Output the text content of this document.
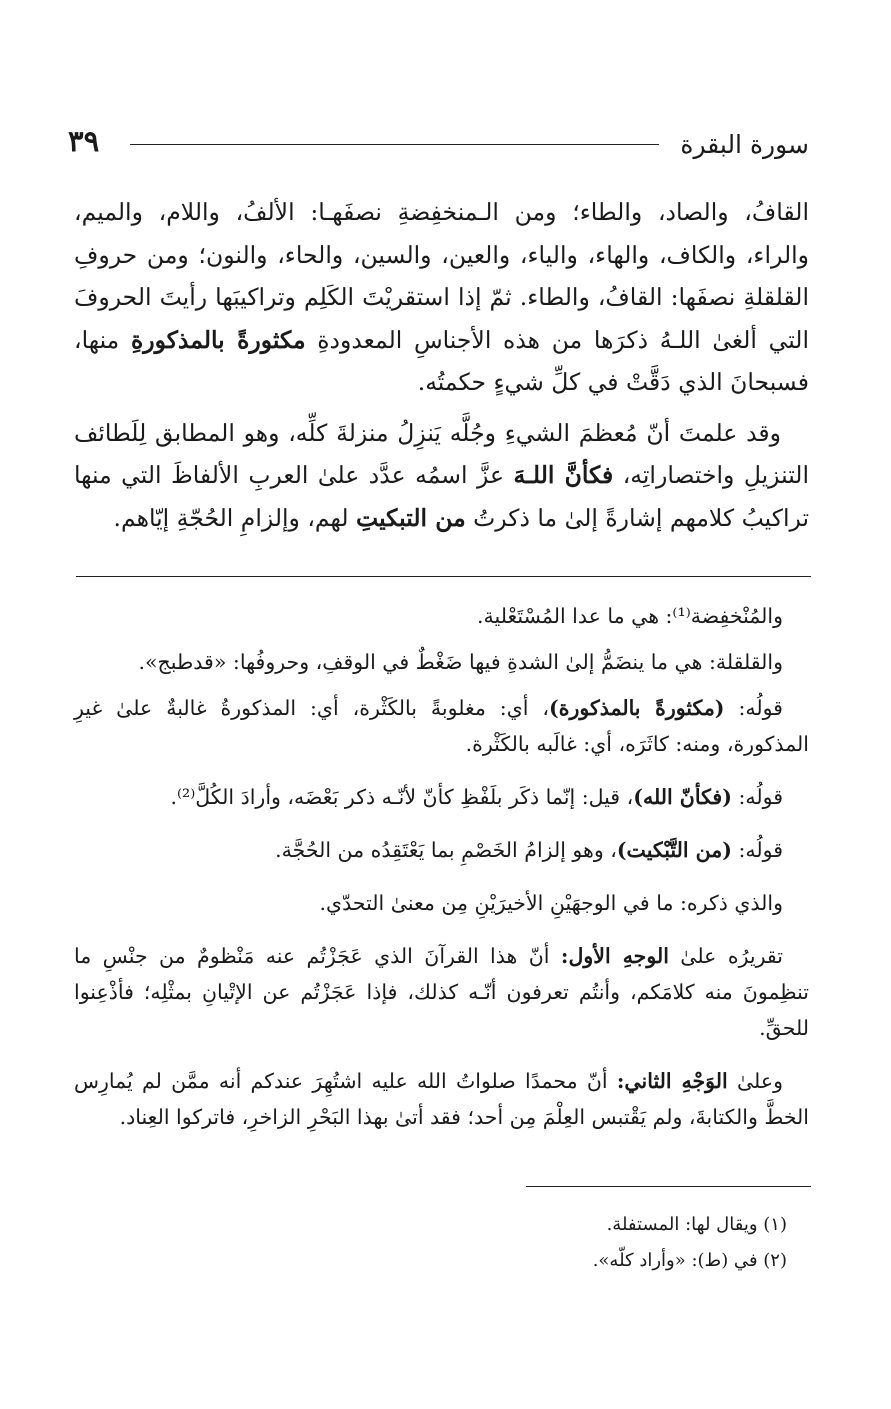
سورة البقرة
٣٩

القافُ، والصاد، والطاء؛ ومن الـمنخفِضةِ نصفَهـا: الألفُ، واللام، والميم، والراء، والكاف، والهاء، والياء، والعين، والسين، والحاء، والنون؛ ومن حروفِ القلقلةِ نصفَها: القافُ، والطاء. ثمّ إذا استقريْتَ الكَلِم وتراكيبَها رأيتَ الحروفَ التي ألغىٰ اللـهُ ذكرَها من هذه الأجناسِ المعدودةِ مكثورةً بالمذكورةِ منها، فسبحانَ الذي دَقَّتْ في كلِّ شيءٍ حكمتُه.

وقد علمتَ أنّ مُعظمَ الشيءِ وجُلَّه يَنزِلُ منزلةَ كلِّه، وهو المطابق لِلَطائف التنزيلِ واختصاراتِه، فكأنَّ اللـهَ عزَّ اسمُه عدَّد علىٰ العربِ الألفاظَ التي منها تراكيبُ كلامهم إشارةً إلىٰ ما ذكرتُ من التبكيتِ لهم، وإلزامِ الحُجّةِ إيّاهم.

والمُنْخفِضة⁽¹⁾: هي ما عدا المُسْتَعْلية.

والقلقلة: هي ما ينضَمُّ إلىٰ الشدةِ فيها ضَغْطٌ في الوقفِ، وحروفُها: «قدطبج».

قولُه: (مكثورةً بالمذكورة)، أي: مغلوبةً بالكَثْرة، أي: المذكورةُ غالبةٌ علىٰ غيرِ المذكورة، ومنه: كاثَرَه، أي: غالَبه بالكَثْرة.

قولُه: (فكأنّ الله)، قيل: إنّما ذكَر بلَفْظِ كأنّ لأنّـه ذكر بَعْضَه، وأرادَ الكُلَّ⁽²⁾.

قولُه: (من التَّبْكيت)، وهو إلزامُ الخَصْمِ بما يَعْتَقِدُه من الحُجَّة.

والذي ذكره: ما في الوجهَيْنِ الأخيرَيْنِ مِن معنىٰ التحدّي.

تقريرُه علىٰ الوجهِ الأول: أنّ هذا القرآنَ الذي عَجَزْتُم عنه مَنْظومٌ من جنْسِ ما تنظِمونَ منه كلامَكم، وأنتُم تعرفون أنّـه كذلك، فإذا عَجَزْتُم عن الإتْيانِ بمثْلِه؛ فأذْعِنوا للحقِّ.

وعلىٰ الوَجْهِ الثاني: أنّ محمدًا صلواتُ الله عليه اشتُهِرَ عندكم أنه ممَّن لم يُمارِس الخطَّ والكتابةَ، ولم يَقْتبس العِلْمَ مِن أحد؛ فقد أتىٰ بهذا البَحْرِ الزاخرِ، فاتركوا العِناد.

(١) ويقال لها: المستفلة.

(٢) في (ط): «وأراد كلّه».
